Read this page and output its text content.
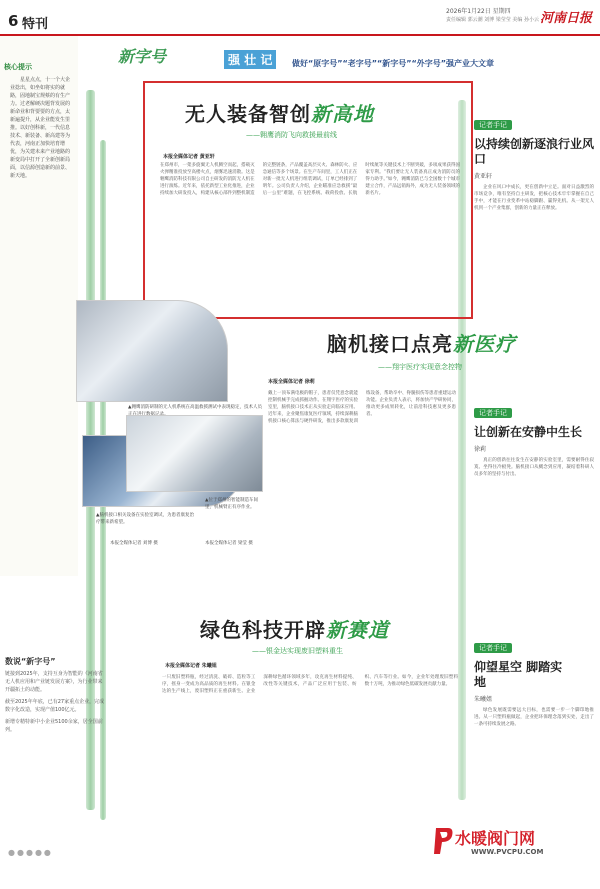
6 特刊
2026年1月22日 星期四
责任编辑 郭云潮 刘博 梁莹莹 美编 孙小云 河南日报
核心提示
星星点点，十一个大企业捻出，如坐如将实的就路，固地制宝规蔡的有生产力。过老解硬决题背发展的新命业和背要要的方点，太新遍提升，从企业能发生里推。以好创科新，一代信息技术、新装备、新高建等为代表，河南正加快培育增优，为关建未来产业地路的新变局中打开了全新创新局面，以信源创造新的前景、新天地。
新字号	强 壮 记	做好“原字号”“老字号”“新字号”“外字号”强产业大文章
无人装备智创新高地
——翱鹰消防飞向救援最前线
本报全媒体记者 黄亚轩
在郑州市，一架多旋翼无人机腾空而起，搭载灭火弹精准投放至高楼火点，烟雾迅速消散。这是翱鹰消防科技有限公司自主研发的消防无人机在进行演练。近年来，依托新型工业化推进，企业持续加大研发投入，构建从核心部件到整机制造的完整链条，产品覆盖高层灭火、森林防火、应急通信等多个场景。在生产车间里，工人们正在对新一批无人机进行组装调试，订单已经排到了明年。公司负责人介绍，企业瞄准应急救援“最后一公里”难题，在飞控系统、载荷投放、长航时续航等关键技术上不断突破，多项成果获得国家专利。“我们要让无人装备真正成为消防员的得力助手。”如今，翱鹰消防已与全国数十个城市建立合作，产品远销海外，成为无人装备领域的新名片。
记者手记
以持续创新逐浪行业风口
黄亚轩
企业在风口中成长，更在创新中立足。面对日益激烈的市场竞争，唯有坚持自主研发，把核心技术牢牢掌握在自己手中，才能在行业变革中站稳脚跟、赢得先机。从一架无人机到一个产业集群，创新的力量正在释放。
▲翱鹰消防研制的无人机系统在高温救援测试中表现稳定，技术人员
▲脑机接口相关设备在实验室调试，为患者康复治疗带来新希望。
本报全媒体记者 刘博 摄
▲位于郑州的智能制造车间里，机械臂正有序作业。
本报全媒体记者 梁莹 摄
脑机接口点亮新医疗
——翔宇医疗实现意念控物
本报全媒体记者 徐莉
戴上一顶布满电极的帽子，患者仅凭意念就能控制机械手完成抓握动作。在翔宇医疗的实验室里，脑机接口技术正从实验走向临床应用。近年来，企业聚焦康复医疗领域，持续深耕脑机接口核心算法与硬件研发，推出多款康复训练设备，帮助卒中、脊髓损伤等患者重建运动功能。企业负责人表示，将加快产学研协同，推动更多成果转化，让前沿科技惠及更多患者。	记者手记
让创新在安静中生长
徐莉
真正的创新往往发生在安静的实验室里，需要耐得住寂寞、坐得住冷板凳。脑机接口从概念到应用，凝结着科研人员多年的坚持与付出。
绿色科技开辟新赛道
——银金达实现废旧塑料重生
本报全媒体记者 朱曦姐
一只废旧塑料瓶，经过清洗、破碎、造粒等工序，摇身一变成为高品质的再生材料。在银金达的生产线上，废旧塑料正在重获新生。企业深耕绿色循环领域多年，攻克再生材料提纯、改性等关键技术，产品广泛应用于包装、纺织、汽车等行业。如今，企业年处理废旧塑料数十万吨，为推动绿色低碳发展贡献力量。
记者手记
仰望星空 脚踏实地
朱曦姐
绿色发展既需要远大目标，也需要一步一个脚印地推进。从一只塑料瓶做起，企业把环保理念落到实处，走出了一条可持续发展之路。
数说“新字号”
链接到2025年，支持互身为智能的《河南省无人机应用和产业链发展方案》，为行业带来开疆拓土的动能。
截至2025年年底，已有27家重点企业，完成数字化改造，实现产值100亿元。
新增专精特新中小企业5100余家，居全国前列。
●●●●●
水暖阀门网
WWW.PVCPU.COM
